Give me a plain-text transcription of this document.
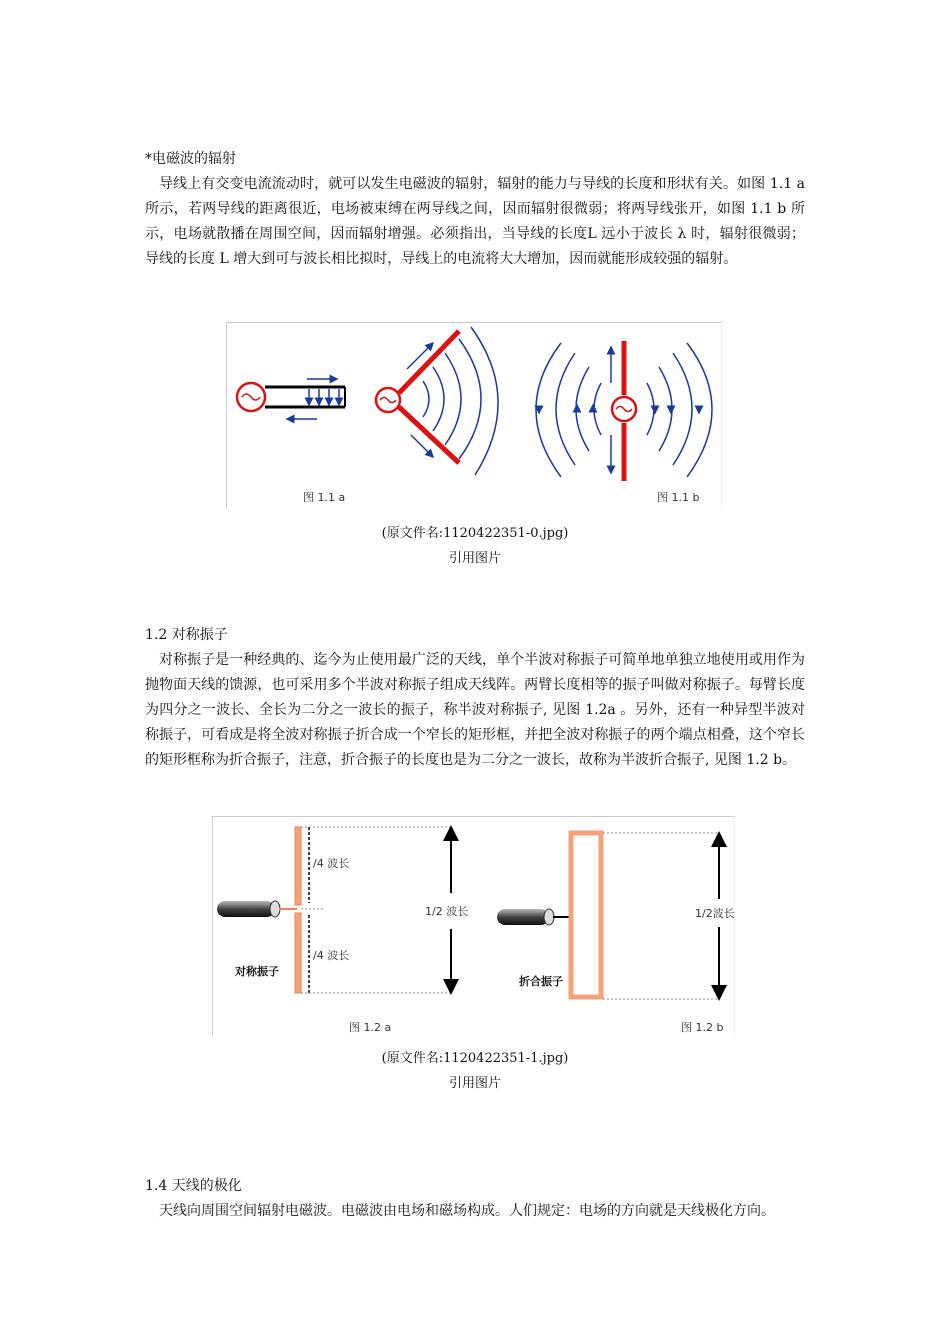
*电磁波的辐射
导线上有交变电流流动时，就可以发生电磁波的辐射，辐射的能力与导线的长度和形状有关。如图 1.1 a 所示，若两导线的距离很近，电场被束缚在两导线之间，因而辐射很微弱；将两导线张开，如图 1.1 b 所示，电场就散播在周围空间，因而辐射增强。必须指出，当导线的长度L 远小于波长 λ 时，辐射很微弱；导线的长度 L 增大到可与波长相比拟时，导线上的电流将大大增加，因而就能形成较强的辐射。
图 1.1 a	图 1.1 b
(原文件名:1120422351-0.jpg)
引用图片
1.2 对称振子
对称振子是一种经典的、迄今为止使用最广泛的天线，单个半波对称振子可简单地单独立地使用或用作为抛物面天线的馈源，也可采用多个半波对称振子组成天线阵。两臂长度相等的振子叫做对称振子。每臂长度为四分之一波长、全长为二分之一波长的振子，称半波对称振子, 见图 1.2a 。另外，还有一种异型半波对称振子，可看成是将全波对称振子折合成一个窄长的矩形框，并把全波对称振子的两个端点相叠，这个窄长的矩形框称为折合振子，注意，折合振子的长度也是为二分之一波长，故称为半波折合振子, 见图 1.2 b。
/4 波长
/4 波长
1/2 波长
对称振子
1/2波长
折合振子
图 1.2 a	图 1.2 b
(原文件名:1120422351-1.jpg)
引用图片
1.4 天线的极化
天线向周围空间辐射电磁波。电磁波由电场和磁场构成。人们规定：电场的方向就是天线极化方向。
